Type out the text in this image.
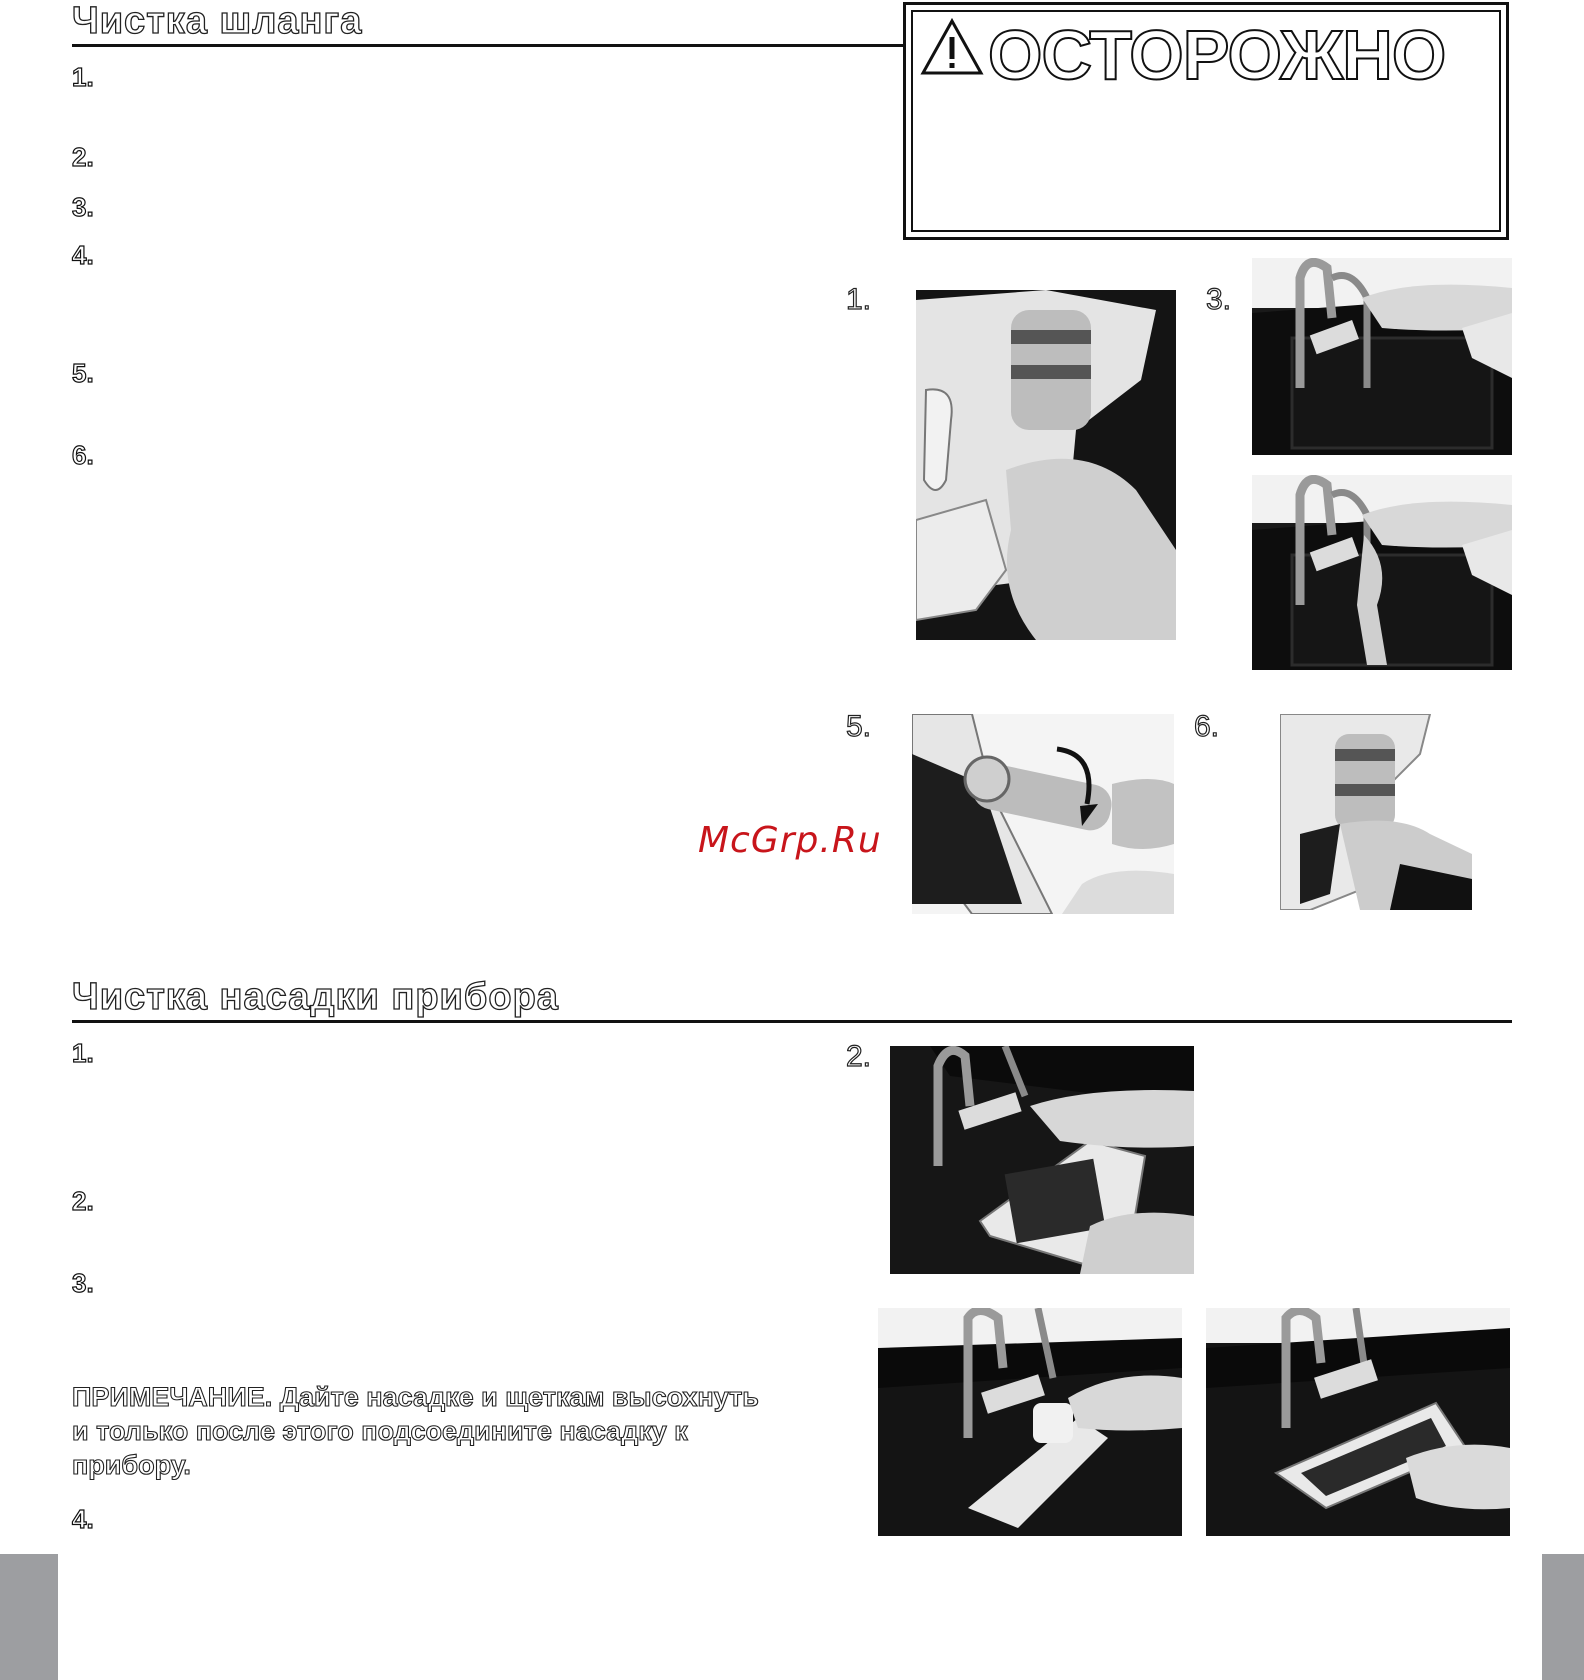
Чистка шланга
1.
2.
3.
4.
5.
6.
ОСТОРОЖНО
1.	3.
5.	6.
McGrp.Ru
Чистка насадки прибора
1.
2.
3.
ПРИМЕЧАНИЕ. Дайте насадке и щеткам высохнуть и только после этого подсоедините насадку к прибору.
4.
2.
